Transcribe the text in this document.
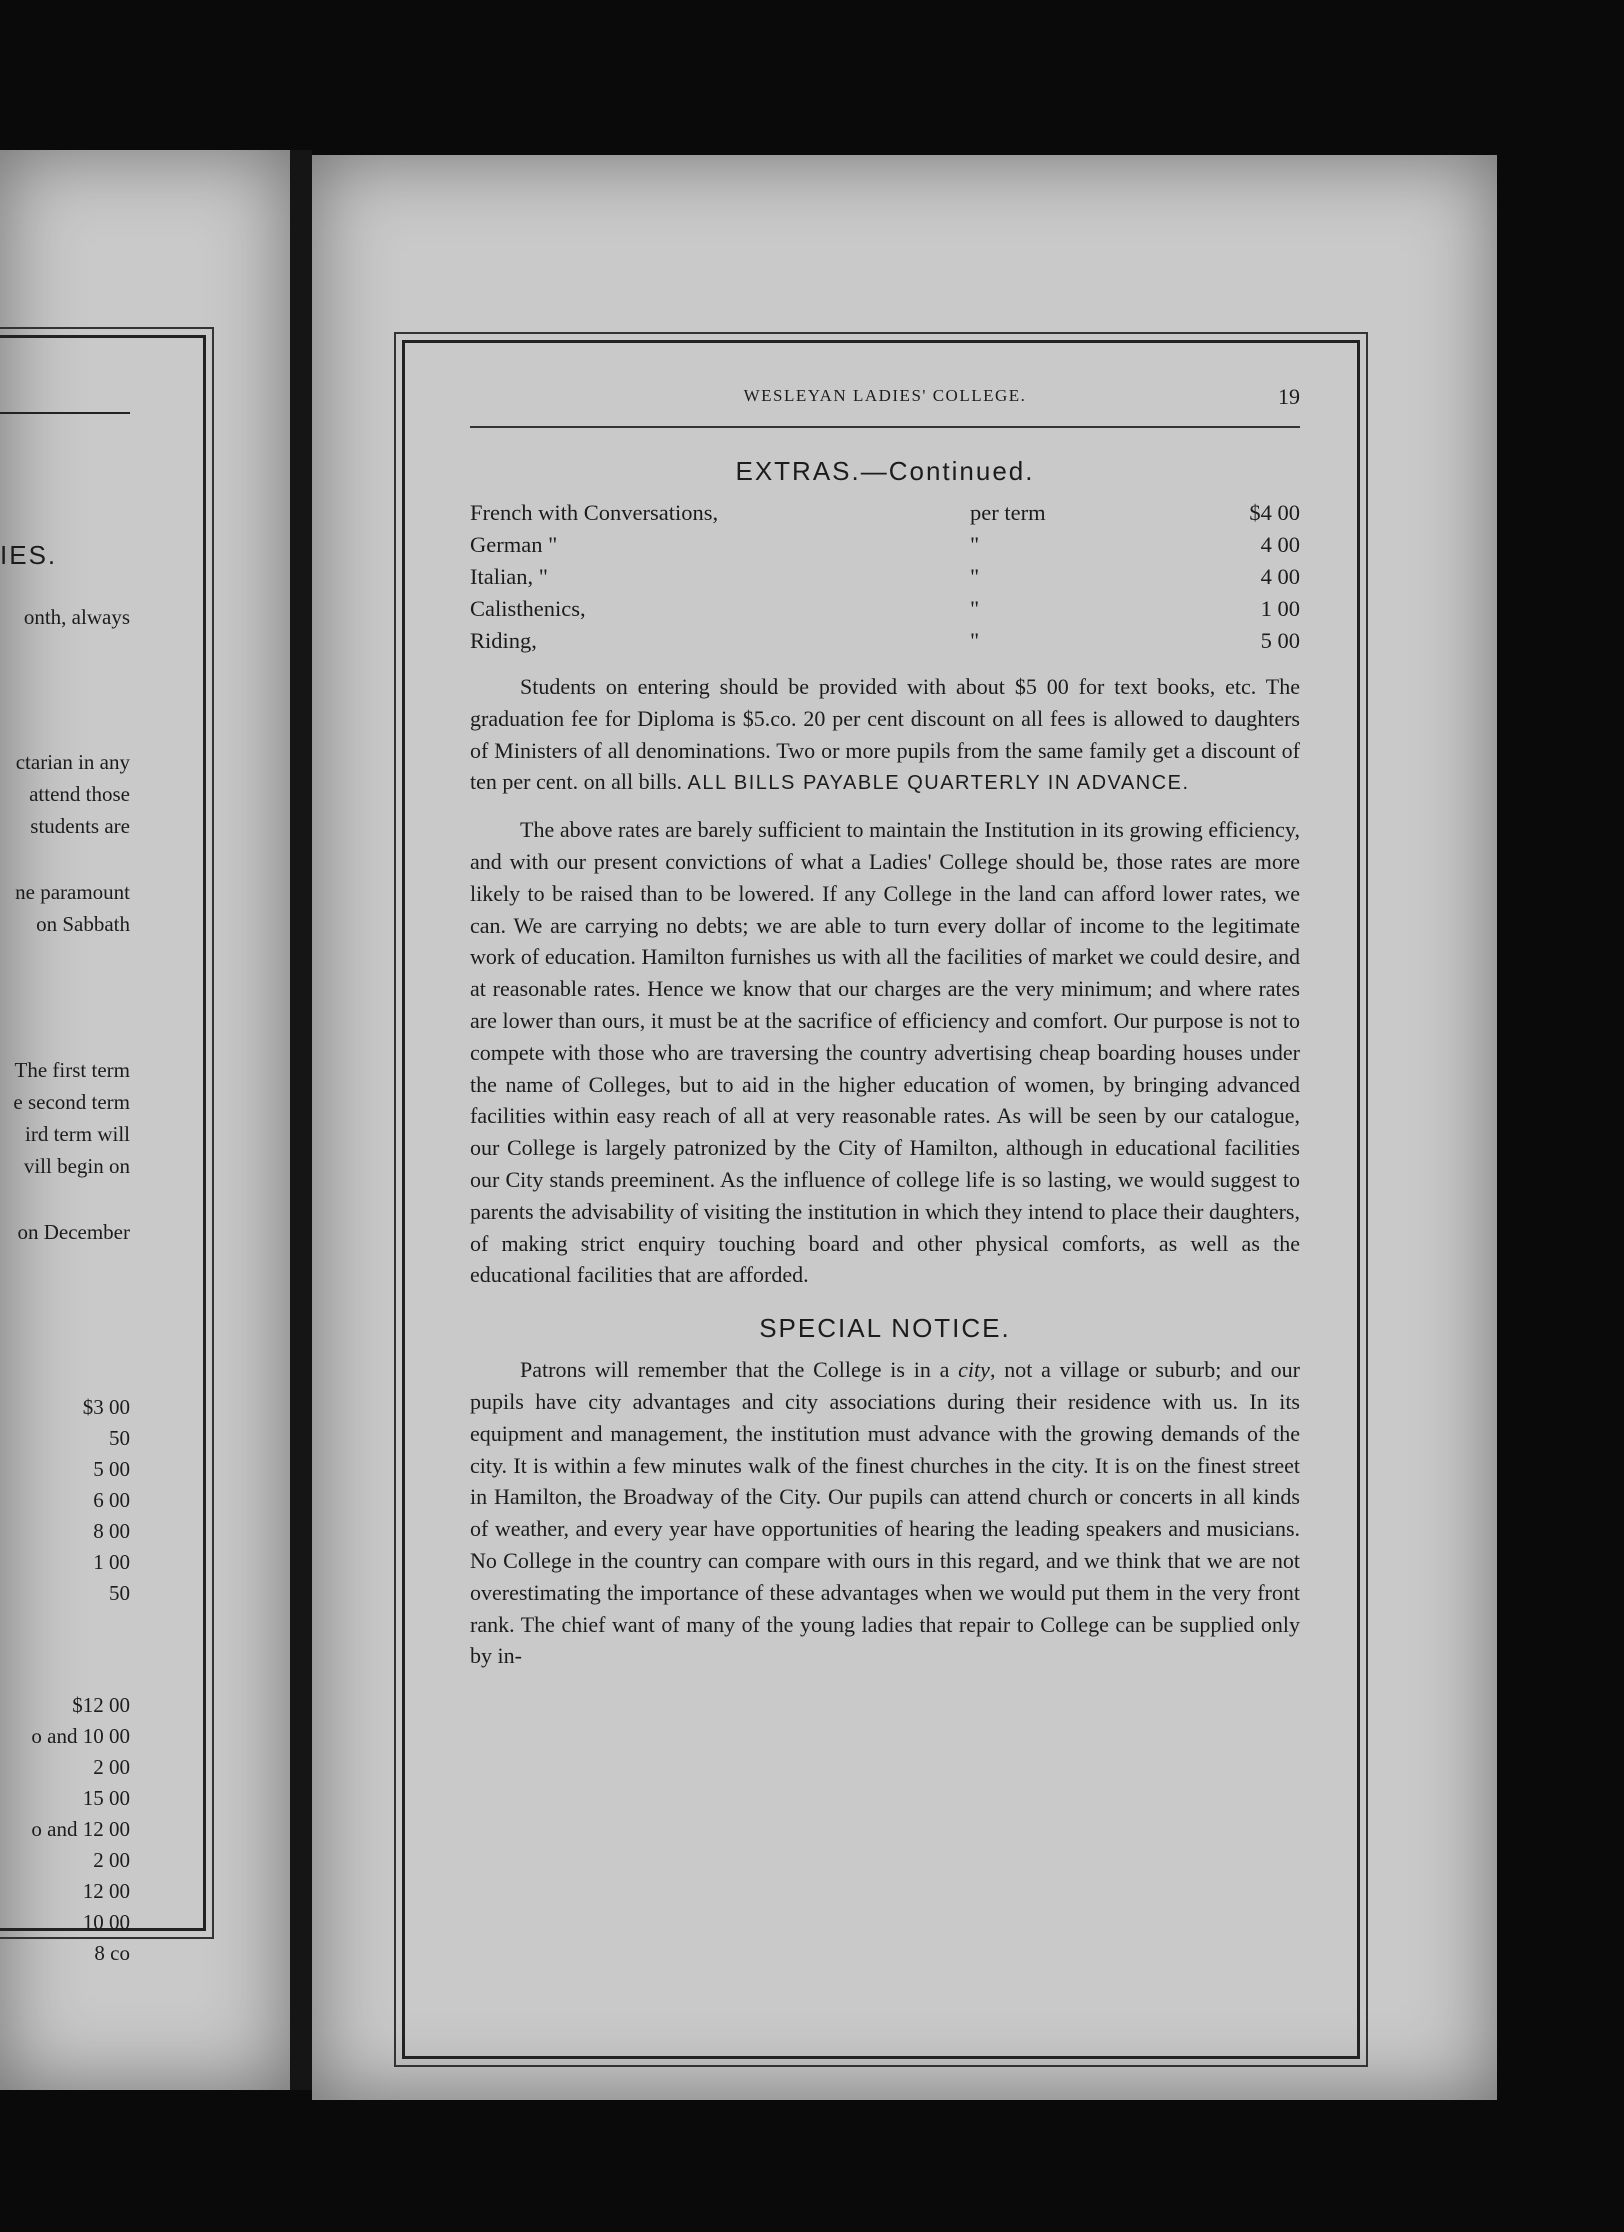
onth, always
ctarian in any
attend those
students are
ne paramount
on Sabbath
The first term
e second term
ird term will
vill begin on
on December
IES.
$3 00
50
5 00
6 00
8 00
1 00
50
$12 00
o and 10 00
2 00
15 00
o and 12 00
2 00
12 00
10 00
8 co
WESLEYAN LADIES' COLLEGE.	19
EXTRAS.—Continued.
French with Conversations,	per term	$4 00
German "	"	4 00
Italian, "	"	4 00
Calisthenics,	"	1 00
Riding,	"	5 00

Students on entering should be provided with about $5 00 for text books, etc. The graduation fee for Diploma is $5.co. 20 per cent discount on all fees is allowed to daughters of Ministers of all denominations. Two or more pupils from the same family get a discount of ten per cent. on all bills. ALL BILLS PAYABLE QUARTERLY IN ADVANCE.

The above rates are barely sufficient to maintain the Institution in its growing efficiency, and with our present convictions of what a Ladies' College should be, those rates are more likely to be raised than to be lowered. If any College in the land can afford lower rates, we can. We are carrying no debts; we are able to turn every dollar of income to the legitimate work of education. Hamilton furnishes us with all the facilities of market we could desire, and at reasonable rates. Hence we know that our charges are the very minimum; and where rates are lower than ours, it must be at the sacrifice of efficiency and comfort. Our purpose is not to compete with those who are traversing the country advertising cheap boarding houses under the name of Colleges, but to aid in the higher education of women, by bringing advanced facilities within easy reach of all at very reasonable rates. As will be seen by our catalogue, our College is largely patronized by the City of Hamilton, although in educational facilities our City stands preeminent. As the influence of college life is so lasting, we would suggest to parents the advisability of visiting the institution in which they intend to place their daughters, of making strict enquiry touching board and other physical comforts, as well as the educational facilities that are afforded.

SPECIAL NOTICE.

Patrons will remember that the College is in a city, not a village or suburb; and our pupils have city advantages and city associations during their residence with us. In its equipment and management, the institution must advance with the growing demands of the city. It is within a few minutes walk of the finest churches in the city. It is on the finest street in Hamilton, the Broadway of the City. Our pupils can attend church or concerts in all kinds of weather, and every year have opportunities of hearing the leading speakers and musicians. No College in the country can compare with ours in this regard, and we think that we are not overestimating the importance of these advantages when we would put them in the very front rank. The chief want of many of the young ladies that repair to College can be supplied only by in-
